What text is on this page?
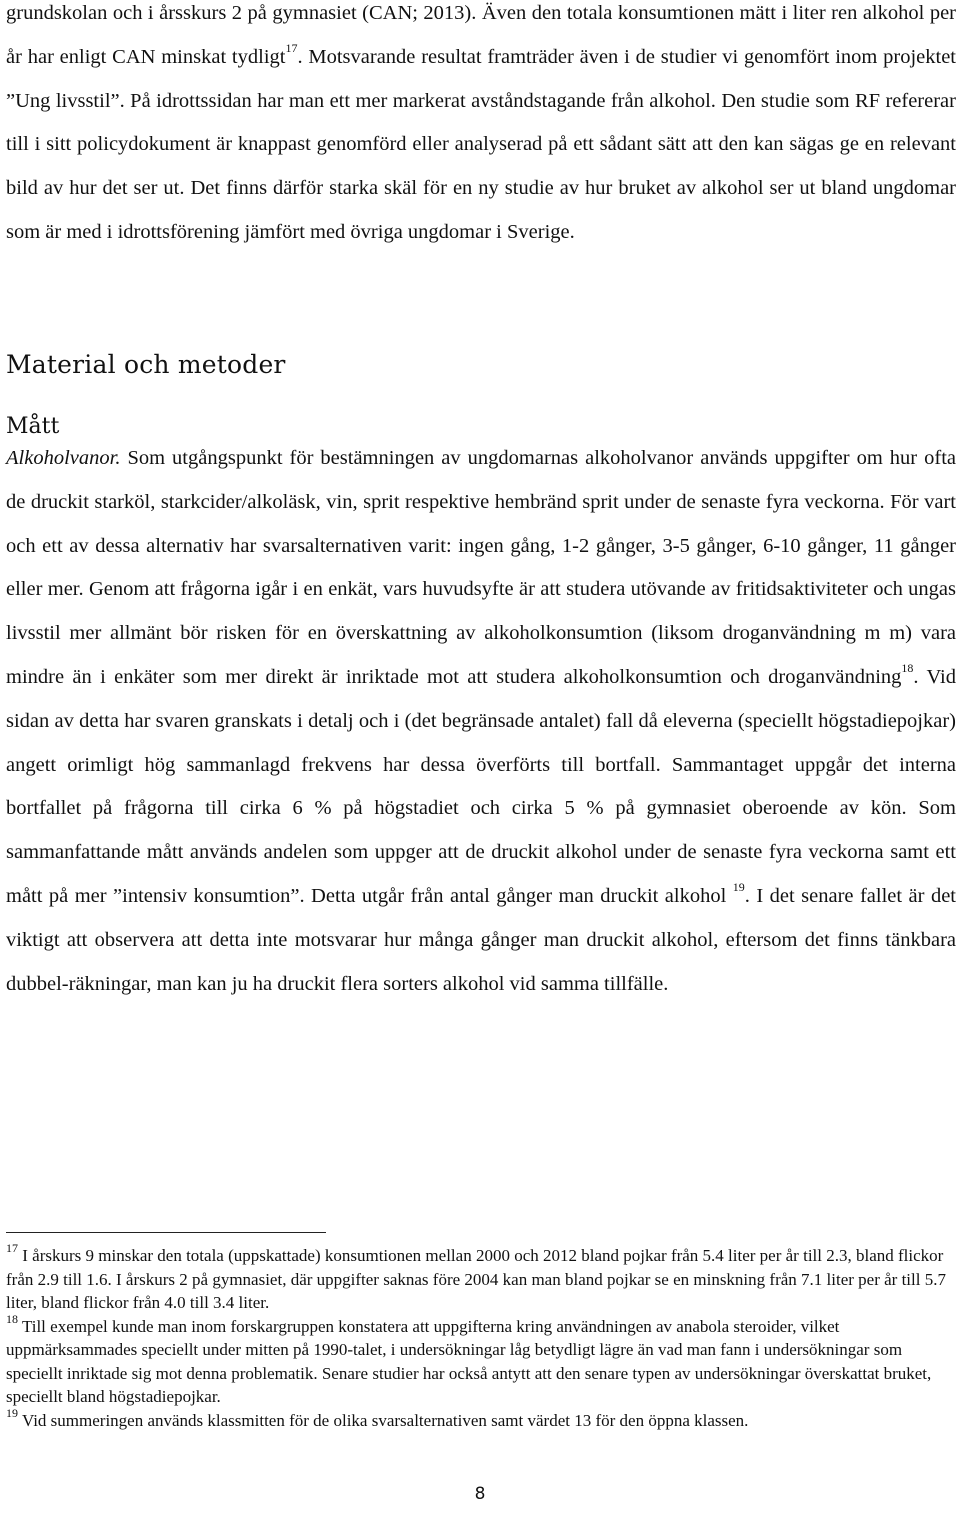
grundskolan och i årsskurs 2 på gymnasiet (CAN; 2013). Även den totala konsumtionen mätt i liter ren alkohol per år har enligt CAN minskat tydligt$^{17}$. Motsvarande resultat framträder även i de studier vi genomfört inom projektet ”Ung livsstil”. På idrottssidan har man ett mer markerat avståndstagande från alkohol. Den studie som RF refererar till i sitt policydokument är knappast genomförd eller analyserad på ett sådant sätt att den kan sägas ge en relevant bild av hur det ser ut. Det finns därför starka skäl för en ny studie av hur bruket av alkohol ser ut bland ungdomar som är med i idrottsförening jämfört med övriga ungdomar i Sverige.

Material och metoder
Mått

Alkoholvanor. Som utgångspunkt för bestämningen av ungdomarnas alkoholvanor används uppgifter om hur ofta de druckit starköl, starkcider/alkoläsk, vin, sprit respektive hembränd sprit under de senaste fyra veckorna. För vart och ett av dessa alternativ har svarsalternativen varit: ingen gång, 1-2 gånger, 3-5 gånger, 6-10 gånger, 11 gånger eller mer. Genom att frågorna igår i en enkät, vars huvudsyfte är att studera utövande av fritidsaktiviteter och ungas livsstil mer allmänt bör risken för en överskattning av alkoholkonsumtion (liksom droganvändning m m) vara mindre än i enkäter som mer direkt är inriktade mot att studera alkoholkonsumtion och droganvändning$^{18}$. Vid sidan av detta har svaren granskats i detalj och i (det begränsade antalet) fall då eleverna (speciellt högstadiepojkar) angett orimligt hög sammanlagd frekvens har dessa överförts till bortfall. Sammantaget uppgår det interna bortfallet på frågorna till cirka 6 % på högstadiet och cirka 5 % på gymnasiet oberoende av kön. Som sammanfattande mått används andelen som uppger att de druckit alkohol under de senaste fyra veckorna samt ett mått på mer ”intensiv konsumtion”. Detta utgår från antal gånger man druckit alkohol $^{19}$. I det senare fallet är det viktigt att observera att detta inte motsvarar hur många gånger man druckit alkohol, eftersom det finns tänkbara dubbel-räkningar, man kan ju ha druckit flera sorters alkohol vid samma tillfälle.

$^{17}$ I årskurs 9 minskar den totala (uppskattade) konsumtionen mellan 2000 och 2012 bland pojkar från 5.4 liter per år till 2.3, bland flickor från 2.9 till 1.6. I årskurs 2 på gymnasiet, där uppgifter saknas före 2004 kan man bland pojkar se en minskning från 7.1 liter per år till 5.7 liter, bland flickor från 4.0 till 3.4 liter.

$^{18}$ Till exempel kunde man inom forskargruppen konstatera att uppgifterna kring användningen av anabola steroider, vilket uppmärksammades speciellt under mitten på 1990-talet, i undersökningar låg betydligt lägre än vad man fann i undersökningar som speciellt inriktade sig mot denna problematik. Senare studier har också antytt att den senare typen av undersökningar överskattat bruket, speciellt bland högstadiepojkar.

$^{19}$ Vid summeringen används klassmitten för de olika svarsalternativen samt värdet 13 för den öppna klassen.

8
